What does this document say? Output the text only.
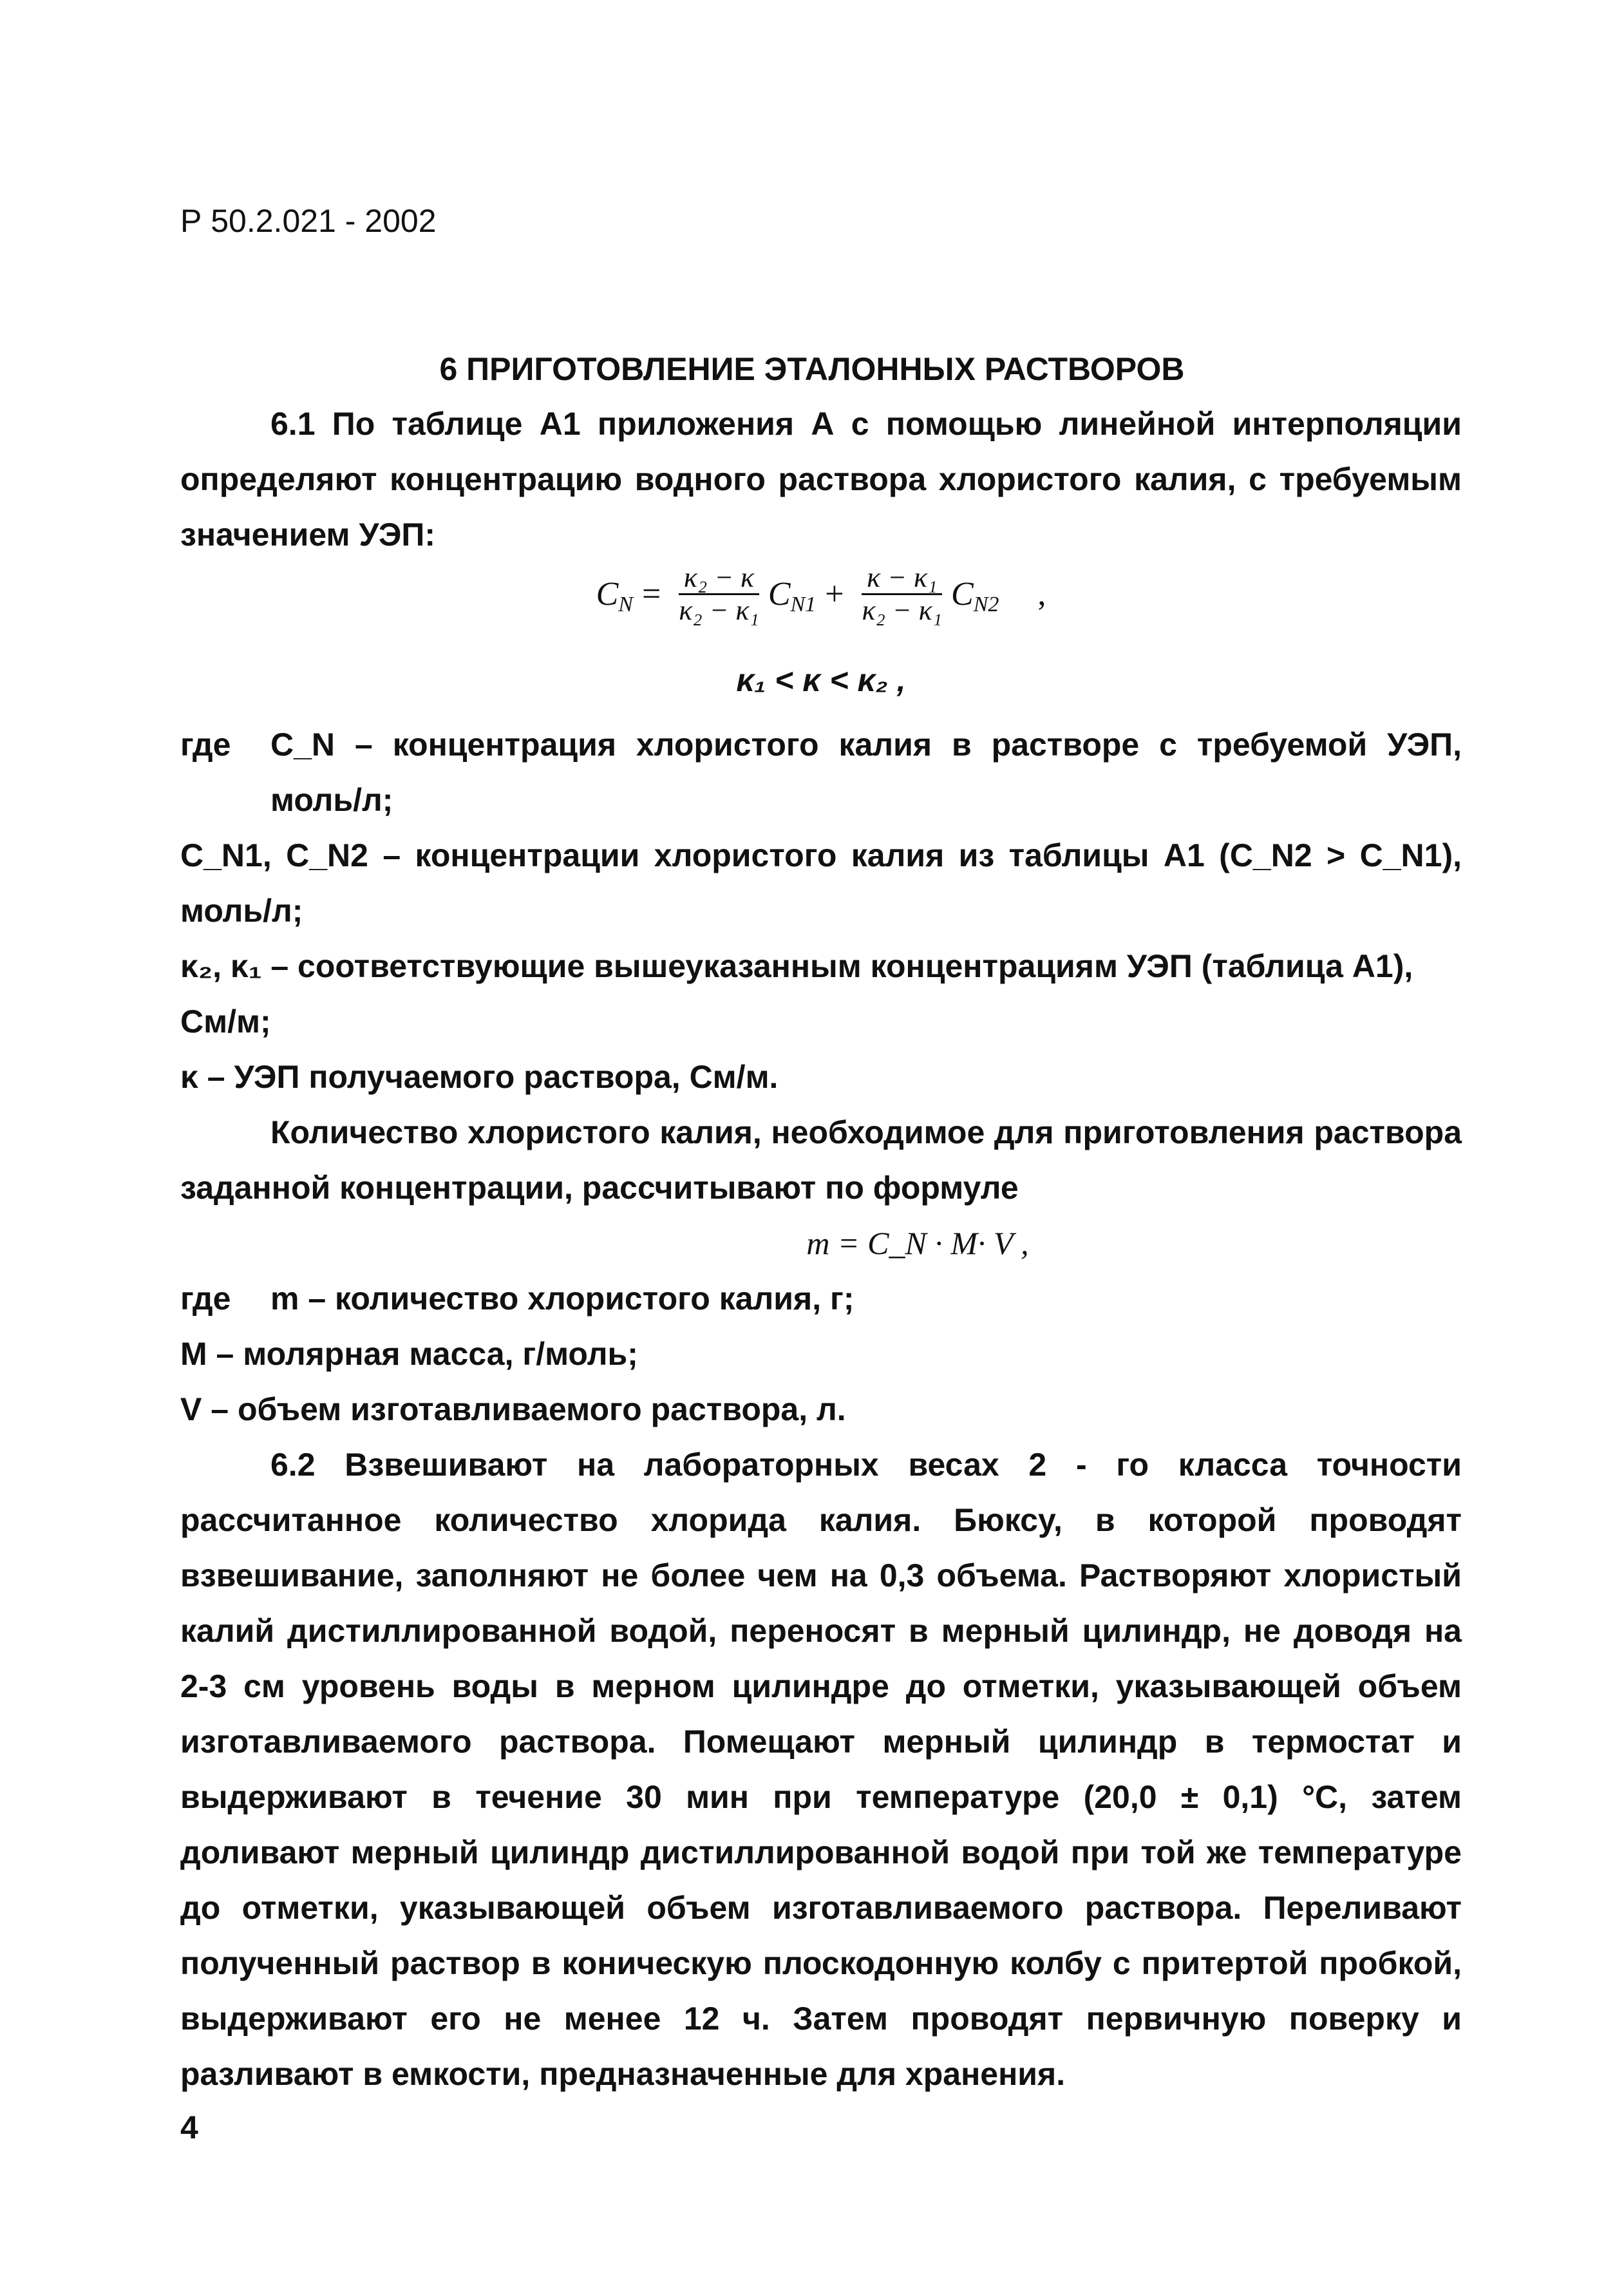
Р 50.2.021 - 2002
6 ПРИГОТОВЛЕНИЕ ЭТАЛОННЫХ РАСТВОРОВ

6.1 По таблице А1 приложения А с помощью линейной интерполяции определяют концентрацию водного раствора хлористого калия, с требуемым значением УЭП:

$C_N = \frac{\text{κ₂ − κ}}{\text{κ₂ − κ₁}} C_{N1} + \frac{\text{κ − κ₁}}{\text{κ₂ − κ₁}} C_{N2}$ ,
κ₁ < κ < κ₂ ,
где	C_N – концентрация хлористого калия в растворе с требуемой УЭП, моль/л;

C_N1, C_N2 – концентрации хлористого калия из таблицы А1 (C_N2 > C_N1), моль/л;

κ₂, κ₁ – соответствующие вышеуказанным концентрациям УЭП (таблица А1),

См/м;

κ – УЭП получаемого раствора, См/м.

Количество хлористого калия, необходимое для приготовления раствора заданной концентрации, рассчитывают по формуле

m = C_N · M· V ,

где	m – количество хлористого калия, г;

M – молярная масса, г/моль;

V – объем изготавливаемого раствора, л.

6.2 Взвешивают на лабораторных весах 2 - го класса точности рассчитанное количество хлорида калия. Бюксу, в которой проводят взвешивание, заполняют не более чем на 0,3 объема. Растворяют хлористый калий дистиллированной водой, переносят в мерный цилиндр, не доводя на 2-3 см уровень воды в мерном цилиндре до отметки, указывающей объем изготавливаемого раствора. Помещают мерный цилиндр в термостат и выдерживают в течение 30 мин при температуре (20,0 ± 0,1) °С, затем доливают мерный цилиндр дистиллированной водой при той же температуре до отметки, указывающей объем изготавливаемого раствора. Переливают полученный раствор в коническую плоскодонную колбу с притертой пробкой, выдерживают его не менее 12 ч. Затем проводят первичную поверку и разливают в емкости, предназначенные для хранения.

4
